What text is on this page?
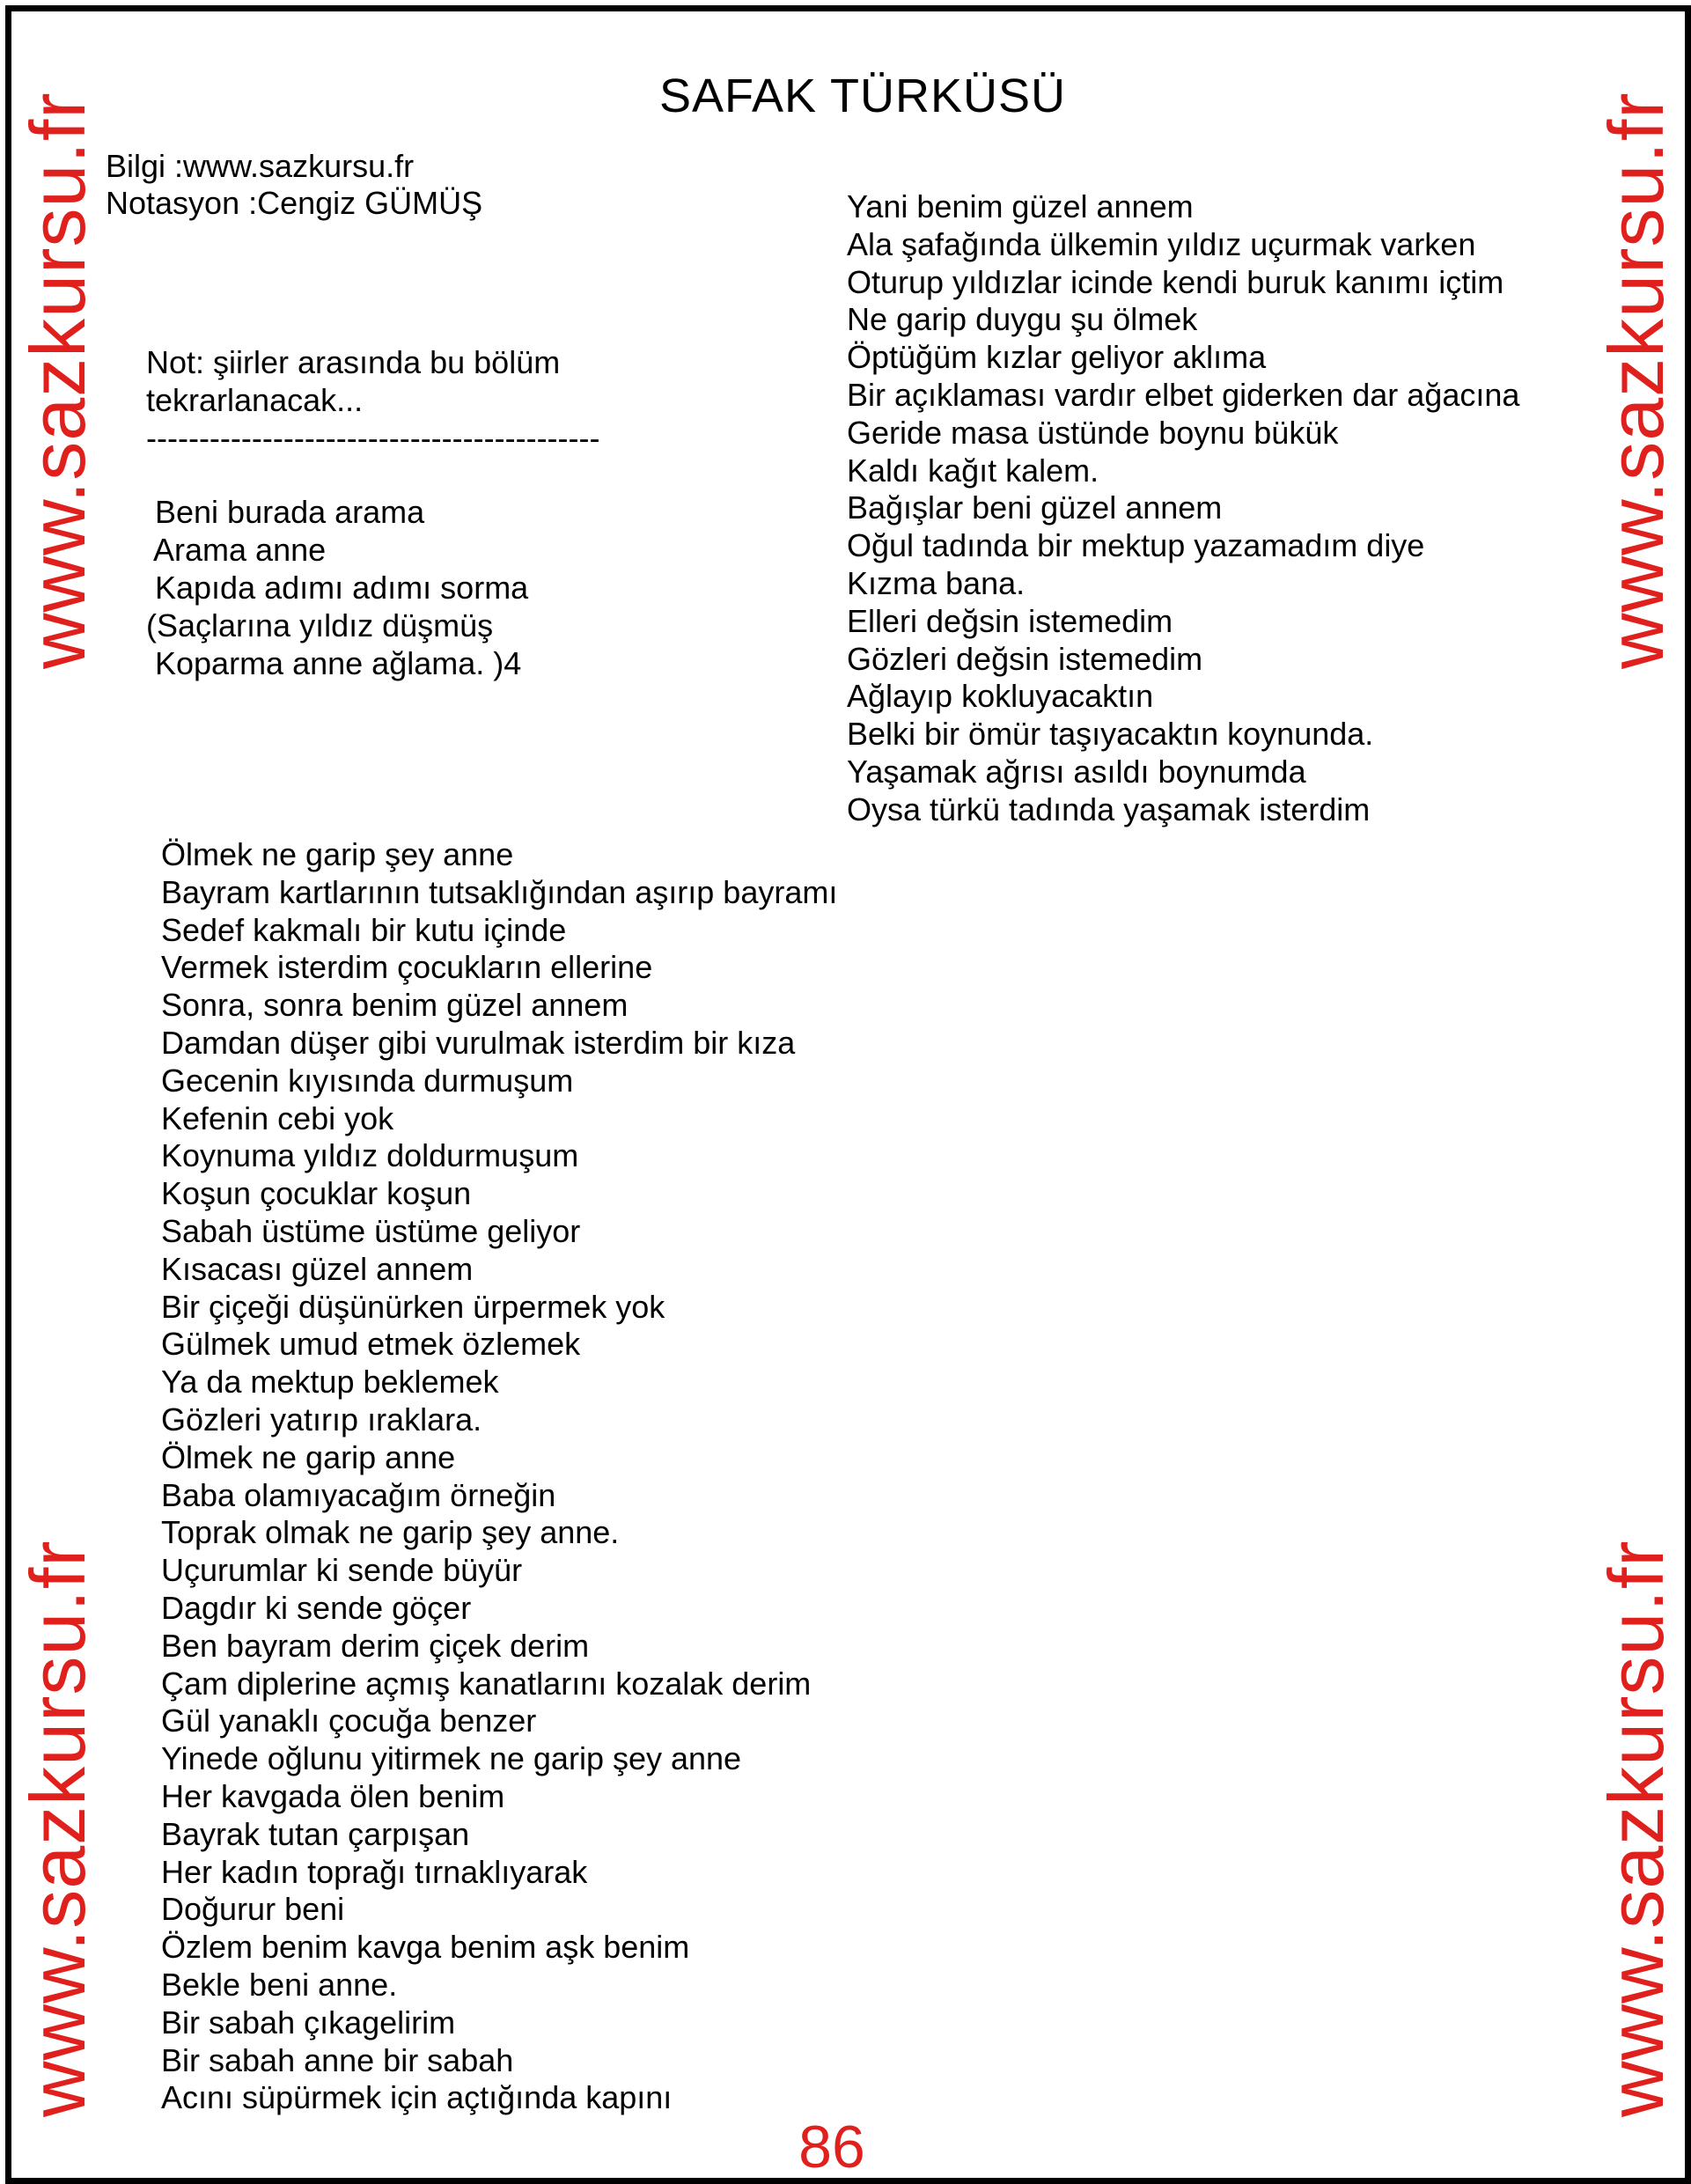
www.sazkursu.fr
www.sazkursu.fr
www.sazkursu.fr
www.sazkursu.fr
SAFAK TÜRKÜSÜ
Bilgi :www.sazkursu.fr
Notasyon :Cengiz GÜMÜŞ
Not: şiirler arasında bu bölüm
tekrarlanacak...
-------------------------------------------
Beni burada arama
Arama anne
Kapıda adımı adımı sorma
(Saçlarına yıldız düşmüş
Koparma anne ağlama. )4
Yani benim güzel annem
Ala şafağında ülkemin yıldız uçurmak varken
Oturup yıldızlar icinde kendi buruk kanımı içtim
Ne garip duygu şu ölmek
Öptüğüm kızlar geliyor aklıma
Bir açıklaması vardır elbet giderken dar ağacına
Geride masa üstünde boynu bükük
Kaldı kağıt kalem.
Bağışlar beni güzel annem
Oğul tadında bir mektup yazamadım diye
Kızma bana.
Elleri değsin istemedim
Gözleri değsin istemedim
Ağlayıp kokluyacaktın
Belki bir ömür taşıyacaktın koynunda.
Yaşamak ağrısı asıldı boynumda
Oysa türkü tadında yaşamak isterdim
Ölmek ne garip şey anne
Bayram kartlarının tutsaklığından aşırıp bayramı
Sedef kakmalı bir kutu içinde
Vermek isterdim çocukların ellerine
Sonra, sonra benim güzel annem
Damdan düşer gibi vurulmak isterdim bir kıza
Gecenin kıyısında durmuşum
Kefenin cebi yok
Koynuma yıldız doldurmuşum
Koşun çocuklar koşun
Sabah üstüme üstüme geliyor
Kısacası güzel annem
Bir çiçeği düşünürken ürpermek yok
Gülmek umud etmek özlemek
Ya da mektup beklemek
Gözleri yatırıp ıraklara.
Ölmek ne garip anne
Baba olamıyacağım örneğin
Toprak olmak ne garip şey anne.
Uçurumlar ki sende büyür
Dagdır ki sende göçer
Ben bayram derim çiçek derim
Çam diplerine açmış kanatlarını kozalak derim
Gül yanaklı çocuğa benzer
Yinede oğlunu yitirmek ne garip şey anne
Her kavgada ölen benim
Bayrak tutan çarpışan
Her kadın toprağı tırnaklıyarak
Doğurur beni
Özlem benim kavga benim aşk benim
Bekle beni anne.
Bir sabah çıkagelirim
Bir sabah anne bir sabah
Acını süpürmek için açtığında kapını
86
